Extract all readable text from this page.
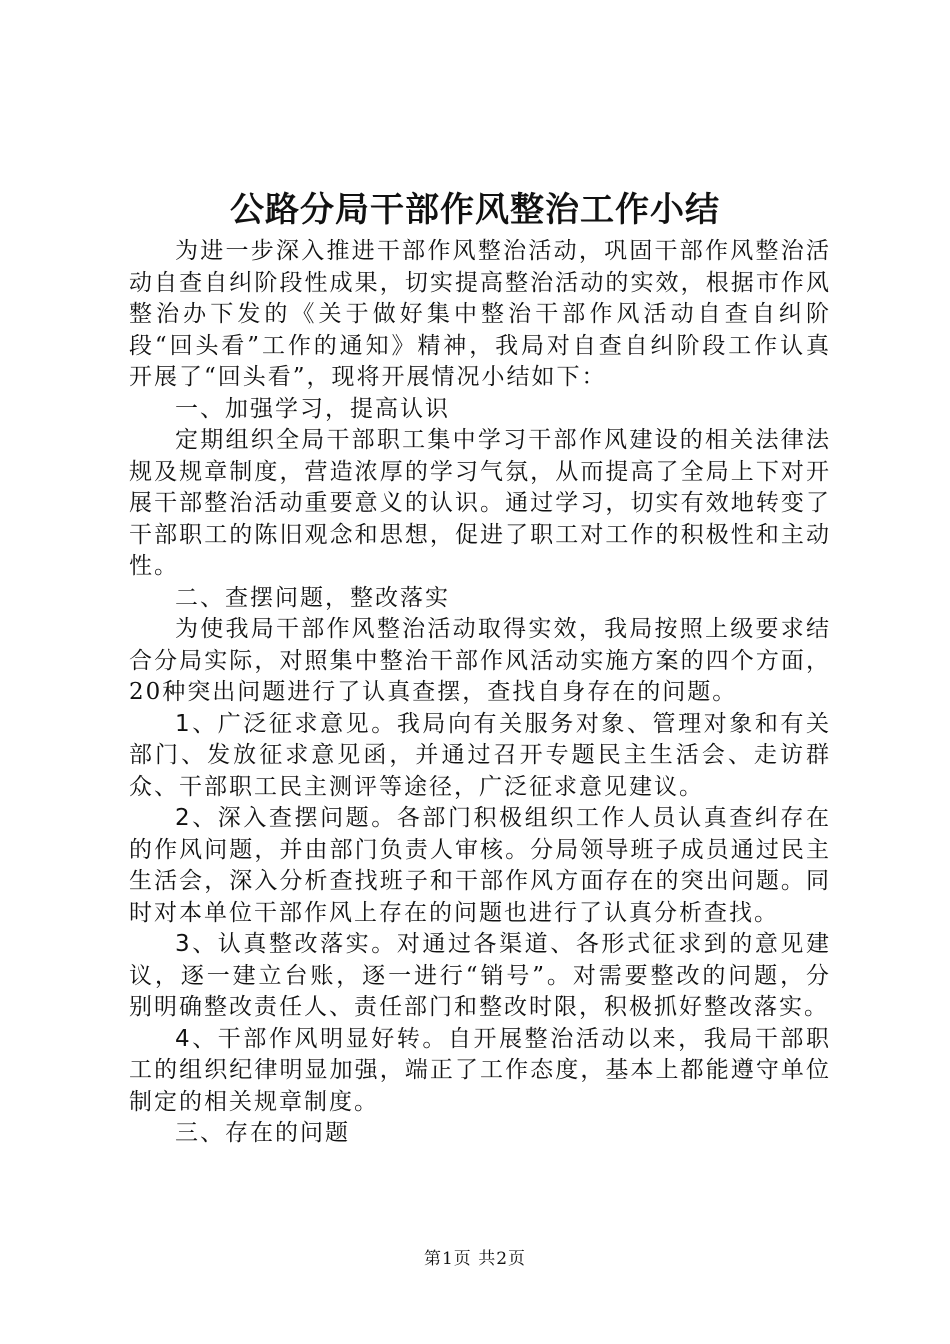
公路分局干部作风整治工作小结

为进一步深入推进干部作风整治活动，巩固干部作风整治活动自查自纠阶段性成果，切实提高整治活动的实效，根据市作风整治办下发的《关于做好集中整治干部作风活动自查自纠阶段“回头看”工作的通知》精神，我局对自查自纠阶段工作认真开展了“回头看”，现将开展情况小结如下：

一、加强学习，提高认识

定期组织全局干部职工集中学习干部作风建设的相关法律法规及规章制度，营造浓厚的学习气氛，从而提高了全局上下对开展干部整治活动重要意义的认识。通过学习，切实有效地转变了干部职工的陈旧观念和思想，促进了职工对工作的积极性和主动性。

二、查摆问题，整改落实

为使我局干部作风整治活动取得实效，我局按照上级要求结合分局实际，对照集中整治干部作风活动实施方案的四个方面，20种突出问题进行了认真查摆，查找自身存在的问题。

1、广泛征求意见。我局向有关服务对象、管理对象和有关部门、发放征求意见函，并通过召开专题民主生活会、走访群众、干部职工民主测评等途径，广泛征求意见建议。

2、深入查摆问题。各部门积极组织工作人员认真查纠存在的作风问题，并由部门负责人审核。分局领导班子成员通过民主生活会，深入分析查找班子和干部作风方面存在的突出问题。同时对本单位干部作风上存在的问题也进行了认真分析查找。

3、认真整改落实。对通过各渠道、各形式征求到的意见建议，逐一建立台账，逐一进行“销号”。对需要整改的问题，分别明确整改责任人、责任部门和整改时限，积极抓好整改落实。

4、干部作风明显好转。自开展整治活动以来，我局干部职工的组织纪律明显加强，端正了工作态度，基本上都能遵守单位制定的相关规章制度。

三、存在的问题

第1页 共2页
